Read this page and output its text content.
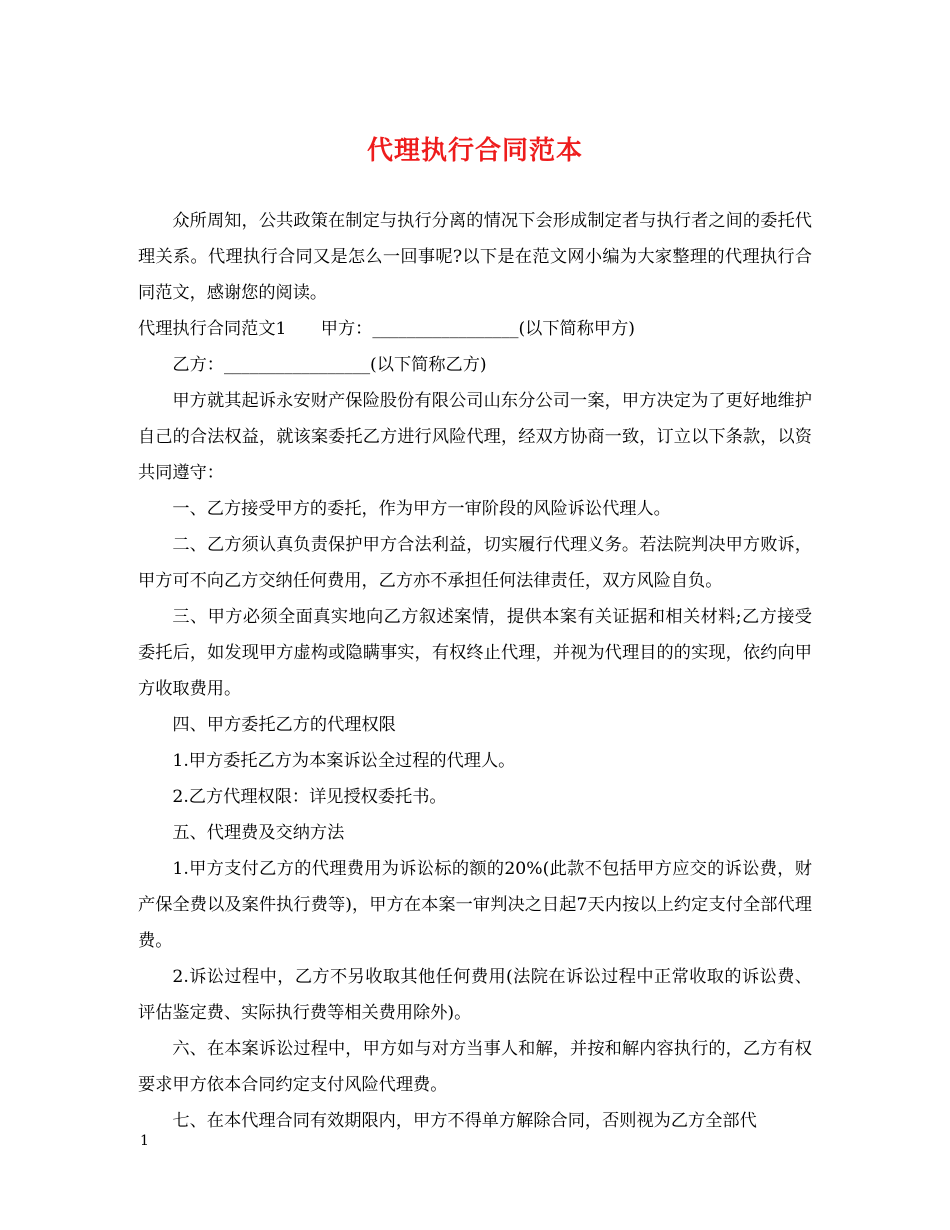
代理执行合同范本

众所周知，公共政策在制定与执行分离的情况下会形成制定者与执行者之间的委托代理关系。代理执行合同又是怎么一回事呢?以下是在范文网小编为大家整理的代理执行合同范文，感谢您的阅读。

代理执行合同范文1　　甲方：_________________(以下简称甲方)

乙方：_________________(以下简称乙方)

甲方就其起诉永安财产保险股份有限公司山东分公司一案，甲方决定为了更好地维护自己的合法权益，就该案委托乙方进行风险代理，经双方协商一致，订立以下条款，以资共同遵守：

一、乙方接受甲方的委托，作为甲方一审阶段的风险诉讼代理人。

二、乙方须认真负责保护甲方合法利益，切实履行代理义务。若法院判决甲方败诉，甲方可不向乙方交纳任何费用，乙方亦不承担任何法律责任，双方风险自负。

三、甲方必须全面真实地向乙方叙述案情，提供本案有关证据和相关材料;乙方接受委托后，如发现甲方虚构或隐瞒事实，有权终止代理，并视为代理目的的实现，依约向甲方收取费用。

四、甲方委托乙方的代理权限

1.甲方委托乙方为本案诉讼全过程的代理人。

2.乙方代理权限：详见授权委托书。

五、代理费及交纳方法

1.甲方支付乙方的代理费用为诉讼标的额的20%(此款不包括甲方应交的诉讼费，财产保全费以及案件执行费等)，甲方在本案一审判决之日起7天内按以上约定支付全部代理费。

2.诉讼过程中，乙方不另收取其他任何费用(法院在诉讼过程中正常收取的诉讼费、评估鉴定费、实际执行费等相关费用除外)。

六、在本案诉讼过程中，甲方如与对方当事人和解，并按和解内容执行的，乙方有权要求甲方依本合同约定支付风险代理费。

七、在本代理合同有效期限内，甲方不得单方解除合同，否则视为乙方全部代

1
